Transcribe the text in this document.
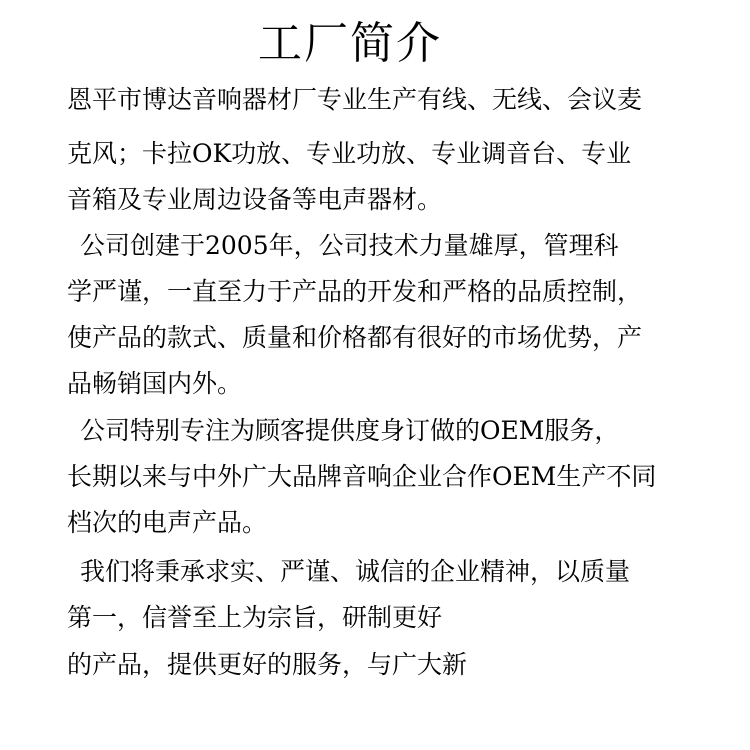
工厂简介
恩平市博达音响器材厂专业生产有线、无线、会议麦
克风；卡拉OK功放、专业功放、专业调音台、专业
音箱及专业周边设备等电声器材。
公司创建于2005年，公司技术力量雄厚，管理科
学严谨，一直至力于产品的开发和严格的品质控制，
使产品的款式、质量和价格都有很好的市场优势，产
品畅销国内外。
公司特别专注为顾客提供度身订做的OEM服务，
长期以来与中外广大品牌音响企业合作OEM生产不同
档次的电声产品。
我们将秉承求实、严谨、诚信的企业精神，以质量
第一，信誉至上为宗旨，研制更好
的产品，提供更好的服务，与广大新
